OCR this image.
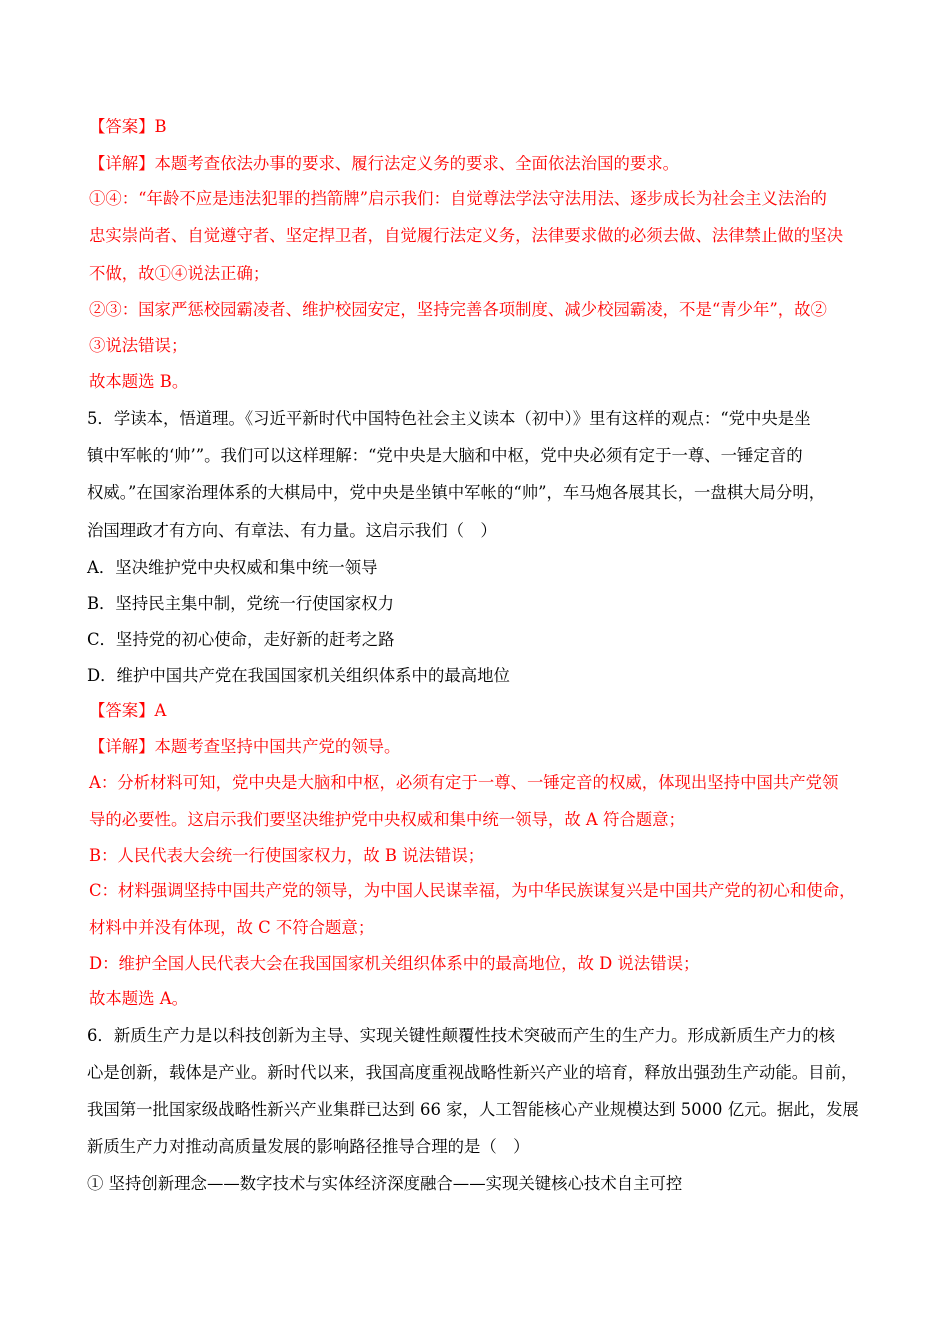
【答案】B
【详解】本题考查依法办事的要求、履行法定义务的要求、全面依法治国的要求。
①④：“年龄不应是违法犯罪的挡箭牌”启示我们：自觉尊法学法守法用法、逐步成长为社会主义法治的
忠实崇尚者、自觉遵守者、坚定捍卫者，自觉履行法定义务，法律要求做的必须去做、法律禁止做的坚决
不做，故①④说法正确；
②③：国家严惩校园霸凌者、维护校园安定，坚持完善各项制度、减少校园霸凌，不是“青少年”，故②
③说法错误；
故本题选 B。
5．学读本，悟道理。《习近平新时代中国特色社会主义读本（初中）》里有这样的观点：“党中央是坐
镇中军帐的‘帅’”。我们可以这样理解：“党中央是大脑和中枢，党中央必须有定于一尊、一锤定音的
权威。”在国家治理体系的大棋局中，党中央是坐镇中军帐的“帅”，车马炮各展其长，一盘棋大局分明，
治国理政才有方向、有章法、有力量。这启示我们（　）
A．坚决维护党中央权威和集中统一领导
B．坚持民主集中制，党统一行使国家权力
C．坚持党的初心使命，走好新的赶考之路
D．维护中国共产党在我国国家机关组织体系中的最高地位
【答案】A
【详解】本题考查坚持中国共产党的领导。
A：分析材料可知，党中央是大脑和中枢，必须有定于一尊、一锤定音的权威，体现出坚持中国共产党领
导的必要性。这启示我们要坚决维护党中央权威和集中统一领导，故 A 符合题意；
B：人民代表大会统一行使国家权力，故 B 说法错误；
C：材料强调坚持中国共产党的领导，为中国人民谋幸福，为中华民族谋复兴是中国共产党的初心和使命，
材料中并没有体现，故 C 不符合题意；
D：维护全国人民代表大会在我国国家机关组织体系中的最高地位，故 D 说法错误；
故本题选 A。
6．新质生产力是以科技创新为主导、实现关键性颠覆性技术突破而产生的生产力。形成新质生产力的核
心是创新，载体是产业。新时代以来，我国高度重视战略性新兴产业的培育，释放出强劲生产动能。目前，
我国第一批国家级战略性新兴产业集群已达到 66 家，人工智能核心产业规模达到 5000 亿元。据此，发展
新质生产力对推动高质量发展的影响路径推导合理的是（　）
① 坚持创新理念——数字技术与实体经济深度融合——实现关键核心技术自主可控
